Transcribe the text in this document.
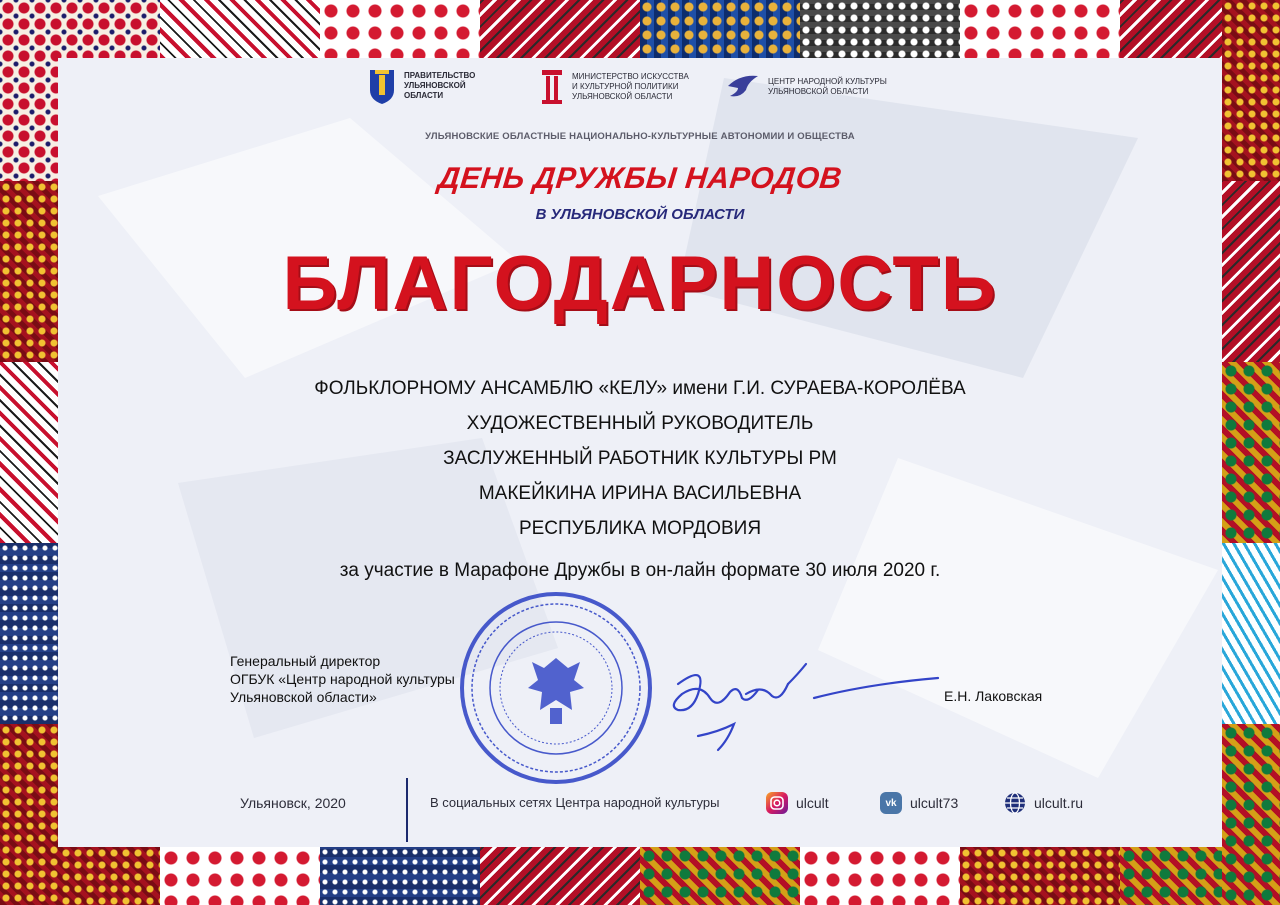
ПРАВИТЕЛЬСТВО
УЛЬЯНОВСКОЙ
ОБЛАСТИ
МИНИСТЕРСТВО ИСКУССТВА
И КУЛЬТУРНОЙ ПОЛИТИКИ
УЛЬЯНОВСКОЙ ОБЛАСТИ
ЦЕНТР НАРОДНОЙ КУЛЬТУРЫ
УЛЬЯНОВСКОЙ ОБЛАСТИ
УЛЬЯНОВСКИЕ ОБЛАСТНЫЕ НАЦИОНАЛЬНО-КУЛЬТУРНЫЕ АВТОНОМИИ И ОБЩЕСТВА
ДЕНЬ ДРУЖБЫ НАРОДОВ
В УЛЬЯНОВСКОЙ ОБЛАСТИ
БЛАГОДАРНОСТЬ
ФОЛЬКЛОРНОМУ АНСАМБЛЮ «КЕЛУ» имени Г.И. СУРАЕВА-КОРОЛЁВА
ХУДОЖЕСТВЕННЫЙ РУКОВОДИТЕЛЬ
ЗАСЛУЖЕННЫЙ РАБОТНИК КУЛЬТУРЫ РМ
МАКЕЙКИНА ИРИНА ВАСИЛЬЕВНА
РЕСПУБЛИКА МОРДОВИЯ
за участие в Марафоне Дружбы в он-лайн формате 30 июля 2020 г.
Генеральный директор
ОГБУК «Центр народной культуры
Ульяновской области»	Е.Н. Лаковская
Ульяновск, 2020	В социальных сетях Центра народной культуры	ulcult	vk ulcult73	ulcult.ru
